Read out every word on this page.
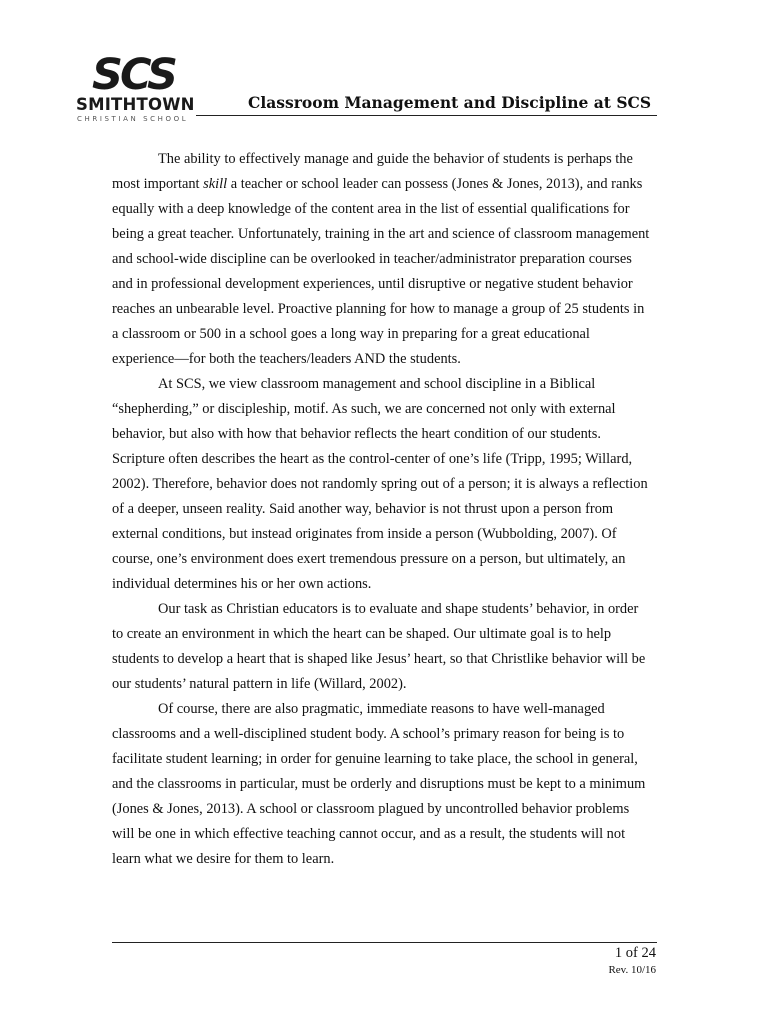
SCS
SMITHTOWN
CHRISTIAN SCHOOL
Classroom Management and Discipline at SCS

The ability to effectively manage and guide the behavior of students is perhaps the most important skill a teacher or school leader can possess (Jones & Jones, 2013), and ranks equally with a deep knowledge of the content area in the list of essential qualifications for being a great teacher. Unfortunately, training in the art and science of classroom management and school-wide discipline can be overlooked in teacher/administrator preparation courses and in professional development experiences, until disruptive or negative student behavior reaches an unbearable level. Proactive planning for how to manage a group of 25 students in a classroom or 500 in a school goes a long way in preparing for a great educational experience—for both the teachers/leaders AND the students.

At SCS, we view classroom management and school discipline in a Biblical “shepherding,” or discipleship, motif. As such, we are concerned not only with external behavior, but also with how that behavior reflects the heart condition of our students. Scripture often describes the heart as the control-center of one’s life (Tripp, 1995; Willard, 2002). Therefore, behavior does not randomly spring out of a person; it is always a reflection of a deeper, unseen reality. Said another way, behavior is not thrust upon a person from external conditions, but instead originates from inside a person (Wubbolding, 2007). Of course, one’s environment does exert tremendous pressure on a person, but ultimately, an individual determines his or her own actions.

Our task as Christian educators is to evaluate and shape students’ behavior, in order to create an environment in which the heart can be shaped. Our ultimate goal is to help students to develop a heart that is shaped like Jesus’ heart, so that Christlike behavior will be our students’ natural pattern in life (Willard, 2002).

Of course, there are also pragmatic, immediate reasons to have well-managed classrooms and a well-disciplined student body. A school’s primary reason for being is to facilitate student learning; in order for genuine learning to take place, the school in general, and the classrooms in particular, must be orderly and disruptions must be kept to a minimum (Jones & Jones, 2013). A school or classroom plagued by uncontrolled behavior problems will be one in which effective teaching cannot occur, and as a result, the students will not learn what we desire for them to learn.

1 of 24
Rev. 10/16
